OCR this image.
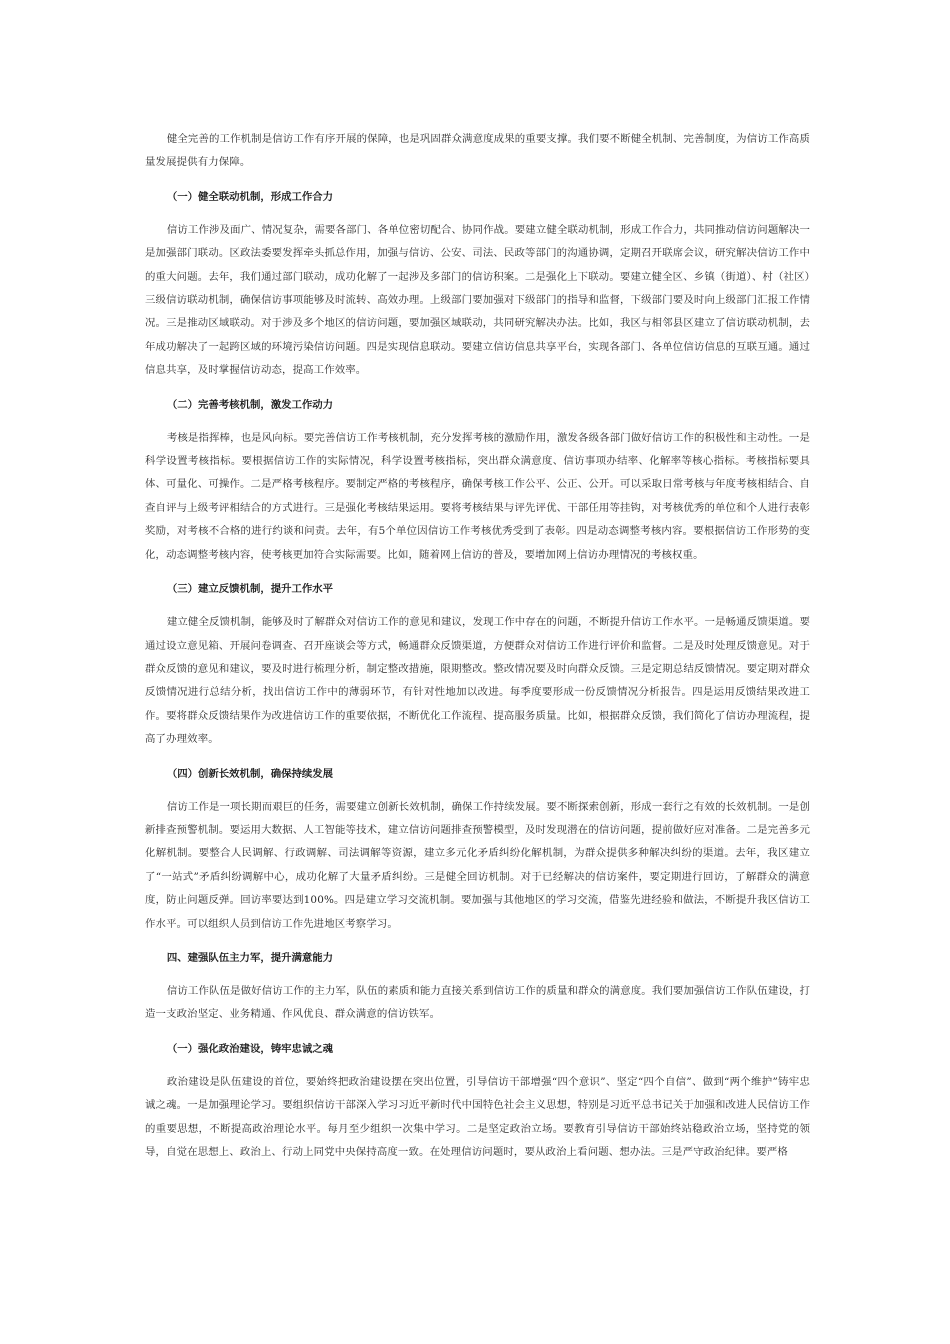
健全完善的工作机制是信访工作有序开展的保障，也是巩固群众满意度成果的重要支撑。我们要不断健全机制、完善制度，为信访工作高质量发展提供有力保障。

（一）健全联动机制，形成工作合力

信访工作涉及面广、情况复杂，需要各部门、各单位密切配合、协同作战。要建立健全联动机制，形成工作合力，共同推动信访问题解决一是加强部门联动。区政法委要发挥牵头抓总作用，加强与信访、公安、司法、民政等部门的沟通协调，定期召开联席会议，研究解决信访工作中的重大问题。去年，我们通过部门联动，成功化解了一起涉及多部门的信访积案。二是强化上下联动。要建立健全区、乡镇（街道）、村（社区）三级信访联动机制，确保信访事项能够及时流转、高效办理。上级部门要加强对下级部门的指导和监督，下级部门要及时向上级部门汇报工作情况。三是推动区域联动。对于涉及多个地区的信访问题，要加强区域联动，共同研究解决办法。比如，我区与相邻县区建立了信访联动机制，去年成功解决了一起跨区域的环境污染信访问题。四是实现信息联动。要建立信访信息共享平台，实现各部门、各单位信访信息的互联互通。通过信息共享，及时掌握信访动态，提高工作效率。

（二）完善考核机制，激发工作动力

考核是指挥棒，也是风向标。要完善信访工作考核机制，充分发挥考核的激励作用，激发各级各部门做好信访工作的积极性和主动性。一是科学设置考核指标。要根据信访工作的实际情况，科学设置考核指标，突出群众满意度、信访事项办结率、化解率等核心指标。考核指标要具体、可量化、可操作。二是严格考核程序。要制定严格的考核程序，确保考核工作公平、公正、公开。可以采取日常考核与年度考核相结合、自查自评与上级考评相结合的方式进行。三是强化考核结果运用。要将考核结果与评先评优、干部任用等挂钩，对考核优秀的单位和个人进行表彰奖励，对考核不合格的进行约谈和问责。去年，有5个单位因信访工作考核优秀受到了表彰。四是动态调整考核内容。要根据信访工作形势的变化，动态调整考核内容，使考核更加符合实际需要。比如，随着网上信访的普及，要增加网上信访办理情况的考核权重。

（三）建立反馈机制，提升工作水平

建立健全反馈机制，能够及时了解群众对信访工作的意见和建议，发现工作中存在的问题，不断提升信访工作水平。一是畅通反馈渠道。要通过设立意见箱、开展问卷调查、召开座谈会等方式，畅通群众反馈渠道，方便群众对信访工作进行评价和监督。二是及时处理反馈意见。对于群众反馈的意见和建议，要及时进行梳理分析，制定整改措施，限期整改。整改情况要及时向群众反馈。三是定期总结反馈情况。要定期对群众反馈情况进行总结分析，找出信访工作中的薄弱环节，有针对性地加以改进。每季度要形成一份反馈情况分析报告。四是运用反馈结果改进工作。要将群众反馈结果作为改进信访工作的重要依据，不断优化工作流程、提高服务质量。比如，根据群众反馈，我们简化了信访办理流程，提高了办理效率。

（四）创新长效机制，确保持续发展

信访工作是一项长期而艰巨的任务，需要建立创新长效机制，确保工作持续发展。要不断探索创新，形成一套行之有效的长效机制。一是创新排查预警机制。要运用大数据、人工智能等技术，建立信访问题排查预警模型，及时发现潜在的信访问题，提前做好应对准备。二是完善多元化解机制。要整合人民调解、行政调解、司法调解等资源，建立多元化矛盾纠纷化解机制，为群众提供多种解决纠纷的渠道。去年，我区建立了“一站式”矛盾纠纷调解中心，成功化解了大量矛盾纠纷。三是健全回访机制。对于已经解决的信访案件，要定期进行回访，了解群众的满意度，防止问题反弹。回访率要达到100%。四是建立学习交流机制。要加强与其他地区的学习交流，借鉴先进经验和做法，不断提升我区信访工作水平。可以组织人员到信访工作先进地区考察学习。

四、建强队伍主力军，提升满意能力

信访工作队伍是做好信访工作的主力军，队伍的素质和能力直接关系到信访工作的质量和群众的满意度。我们要加强信访工作队伍建设，打造一支政治坚定、业务精通、作风优良、群众满意的信访铁军。

（一）强化政治建设，铸牢忠诚之魂

政治建设是队伍建设的首位，要始终把政治建设摆在突出位置，引导信访干部增强“四个意识”、坚定“四个自信”、做到“两个维护”铸牢忠诚之魂。一是加强理论学习。要组织信访干部深入学习习近平新时代中国特色社会主义思想，特别是习近平总书记关于加强和改进人民信访工作的重要思想，不断提高政治理论水平。每月至少组织一次集中学习。二是坚定政治立场。要教育引导信访干部始终站稳政治立场，坚持党的领导，自觉在思想上、政治上、行动上同党中央保持高度一致。在处理信访问题时，要从政治上看问题、想办法。三是严守政治纪律。要严格
